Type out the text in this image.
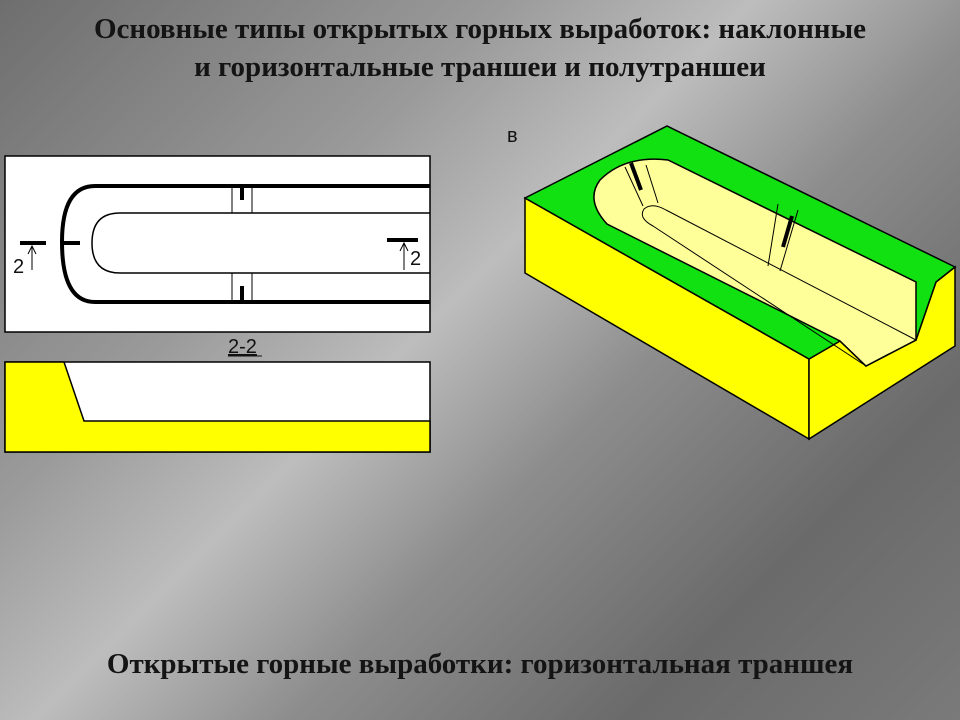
Основные типы открытых горных выработок: наклонные
и горизонтальные траншеи и полутраншеи
2	2
2-2
в
Открытые горные выработки: горизонтальная траншея
